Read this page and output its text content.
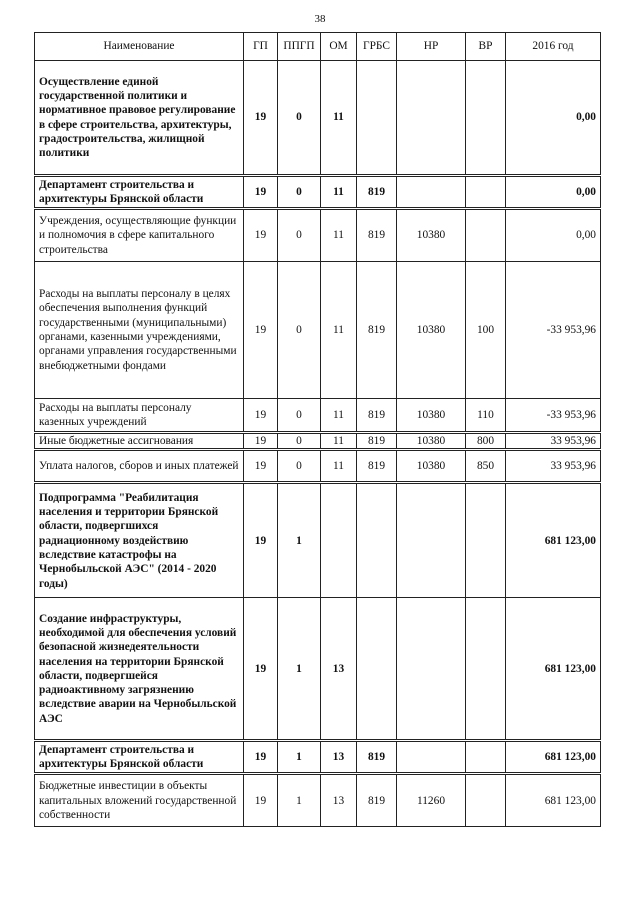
38
Наименование	ГП	ППГП	ОМ	ГРБС	НР	ВР	2016 год
Осуществление единой государственной политики и нормативное правовое регулирование в сфере строительства, архитектуры, градостроительства, жилищной политики	19	0	11				0,00
Департамент строительства и архитектуры Брянской области	19	0	11	819			0,00
Учреждения, осуществляющие функции и полномочия в сфере капитального строительства	19	0	11	819	10380		0,00
Расходы на выплаты персоналу в целях обеспечения выполнения функций государственными (муниципальными) органами, казенными учреждениями, органами управления государственными внебюджетными фондами	19	0	11	819	10380	100	-33 953,96
Расходы на выплаты персоналу казенных учреждений	19	0	11	819	10380	110	-33 953,96
Иные бюджетные ассигнования	19	0	11	819	10380	800	33 953,96
Уплата налогов, сборов и иных платежей	19	0	11	819	10380	850	33 953,96
Подпрограмма "Реабилитация населения и территории Брянской области, подвергшихся радиационному воздействию вследствие катастрофы на Чернобыльской АЭС" (2014 - 2020 годы)	19	1					681 123,00
Создание инфраструктуры, необходимой для обеспечения условий безопасной жизнедеятельности населения на территории Брянской области, подвергшейся радиоактивному загрязнению вследствие аварии на Чернобыльской АЭС	19	1	13				681 123,00
Департамент строительства и архитектуры Брянской области	19	1	13	819			681 123,00
Бюджетные инвестиции в объекты капитальных вложений государственной собственности	19	1	13	819	11260		681 123,00
